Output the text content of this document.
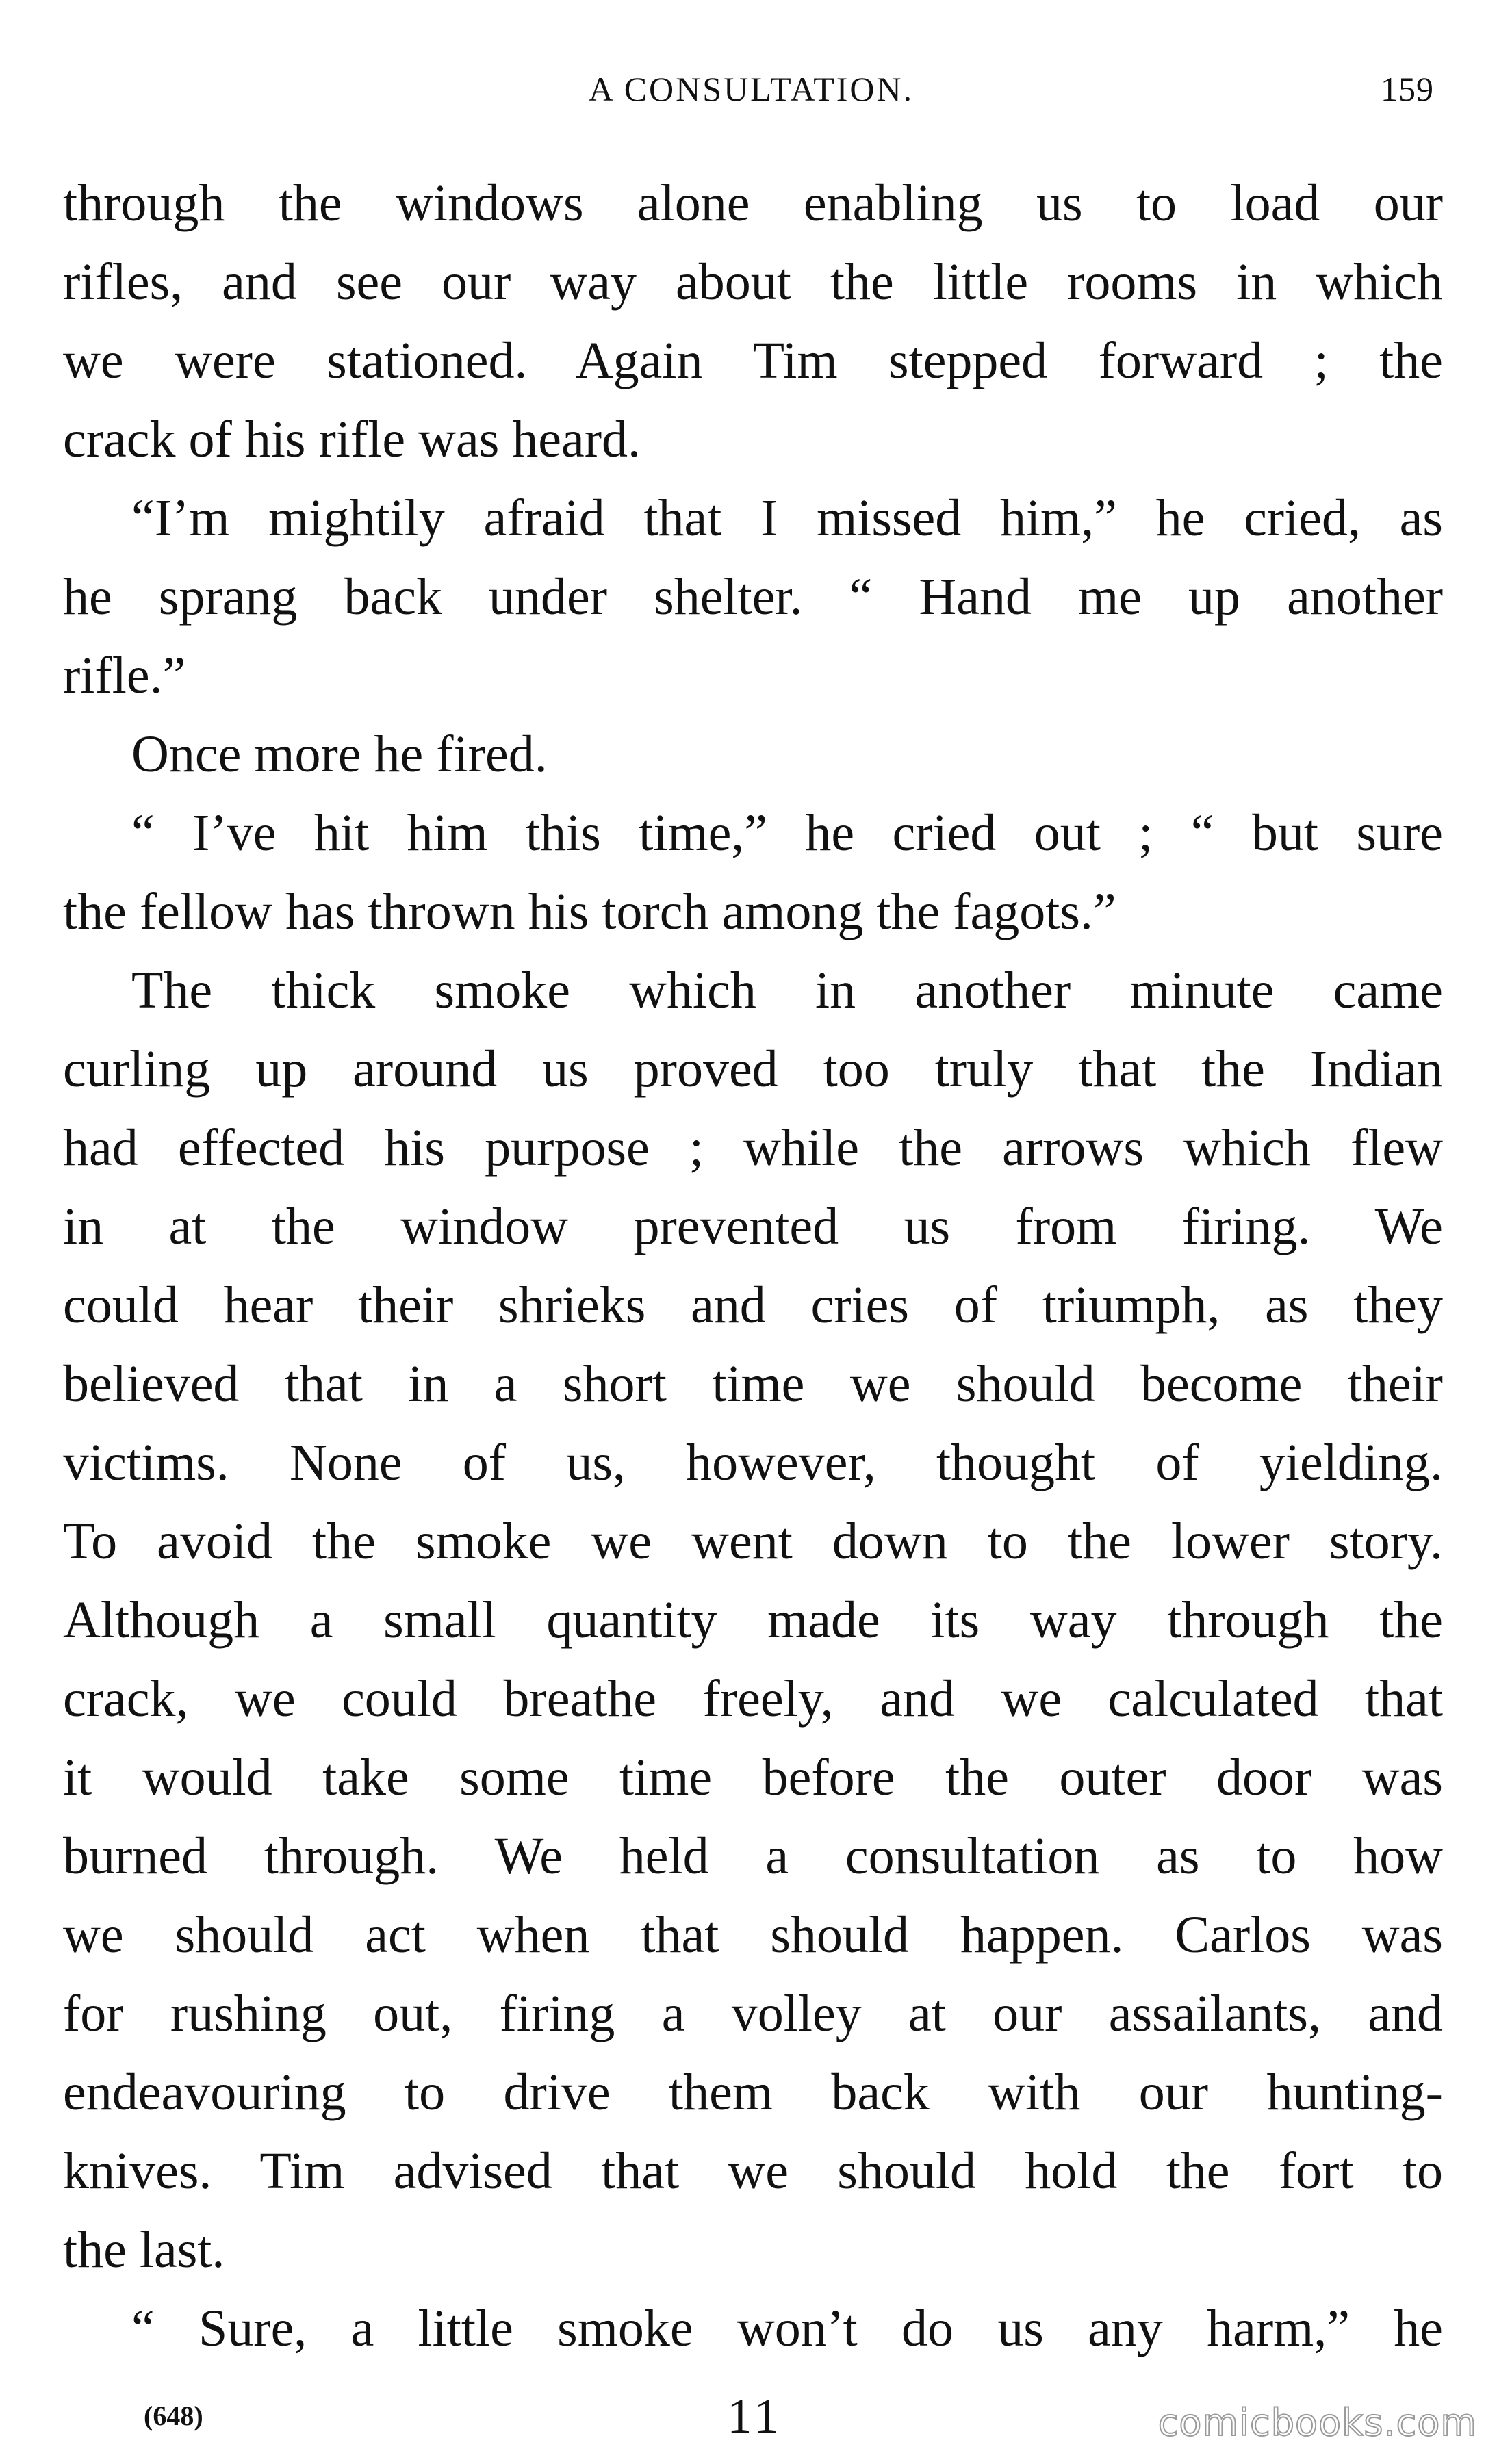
A CONSULTATION.	159
through the windows alone enabling us to load our
rifles, and see our way about the little rooms in which
we were stationed. Again Tim stepped forward ; the
crack of his rifle was heard.
“I’m mightily afraid that I missed him,” he cried, as
he sprang back under shelter. “ Hand me up another
rifle.”
Once more he fired.
“ I’ve hit him this time,” he cried out ; “ but sure
the fellow has thrown his torch among the fagots.”
The thick smoke which in another minute came
curling up around us proved too truly that the Indian
had effected his purpose ; while the arrows which flew
in at the window prevented us from firing. We
could hear their shrieks and cries of triumph, as they
believed that in a short time we should become their
victims. None of us, however, thought of yielding.
To avoid the smoke we went down to the lower story.
Although a small quantity made its way through the
crack, we could breathe freely, and we calculated that
it would take some time before the outer door was
burned through. We held a consultation as to how
we should act when that should happen. Carlos was
for rushing out, firing a volley at our assailants, and
endeavouring to drive them back with our hunting-
knives. Tim advised that we should hold the fort to
the last.
“ Sure, a little smoke won’t do us any harm,” he
(648)	11	comicbooks.com
